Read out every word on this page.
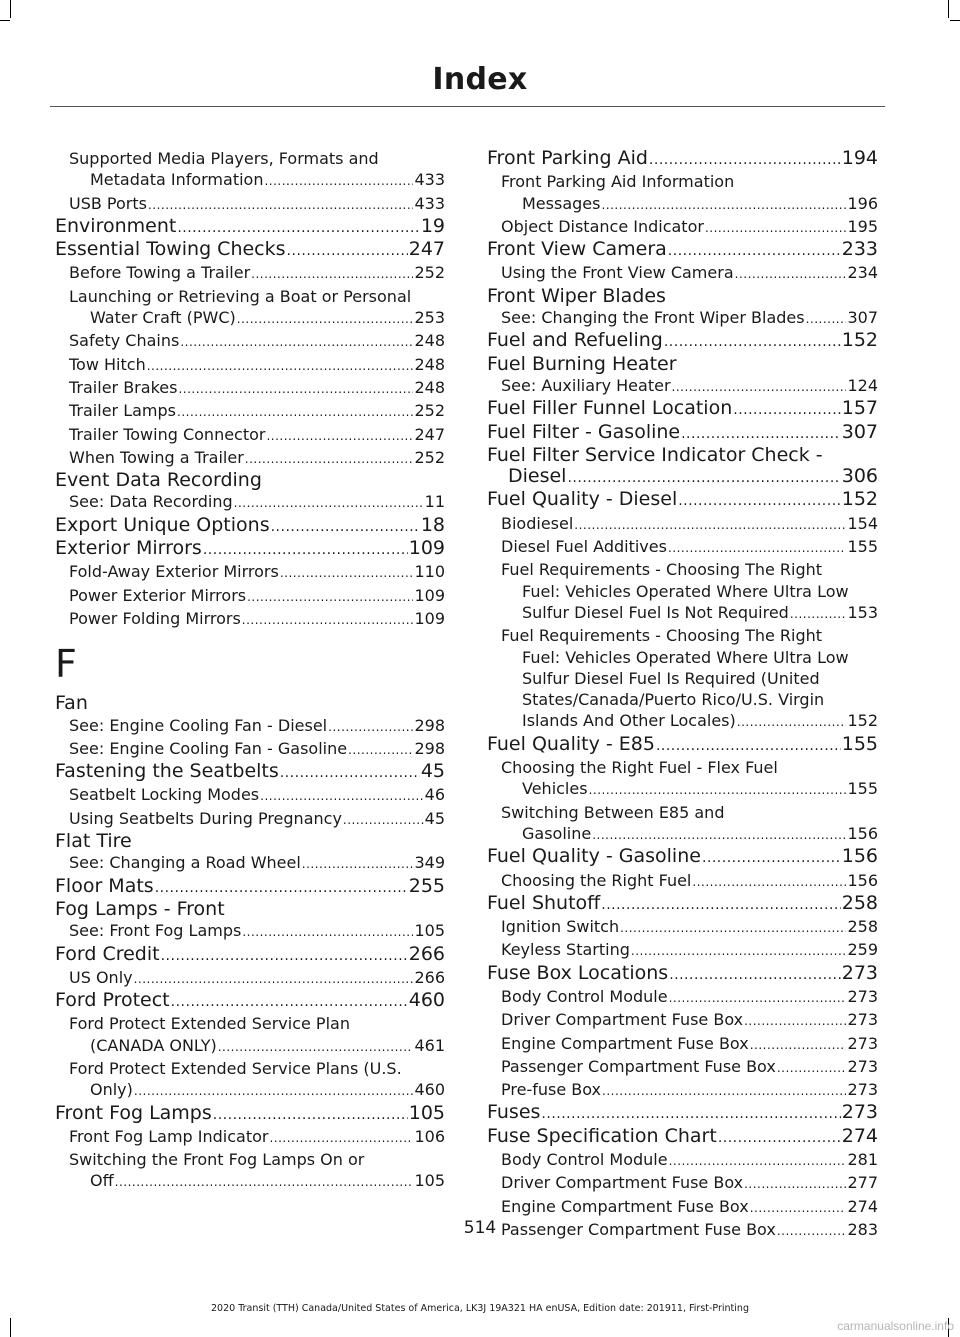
Index
Supported Media Players, Formats and
Metadata Information .....	433
USB Ports .....	433
Environment .....	19
Essential Towing Checks .....	247
Before Towing a Trailer .....	252
Launching or Retrieving a Boat or Personal
Water Craft (PWC) .....	253
Safety Chains .....	248
Tow Hitch .....	248
Trailer Brakes .....	248
Trailer Lamps .....	252
Trailer Towing Connector .....	247
When Towing a Trailer .....	252
Event Data Recording
See: Data Recording .....	11
Export Unique Options .....	18
Exterior Mirrors .....	109
Fold-Away Exterior Mirrors .....	110
Power Exterior Mirrors .....	109
Power Folding Mirrors .....	109
F
Fan
See: Engine Cooling Fan - Diesel .....	298
See: Engine Cooling Fan - Gasoline .....	298
Fastening the Seatbelts .....	45
Seatbelt Locking Modes .....	46
Using Seatbelts During Pregnancy .....	45
Flat Tire
See: Changing a Road Wheel .....	349
Floor Mats .....	255
Fog Lamps - Front
See: Front Fog Lamps .....	105
Ford Credit .....	266
US Only .....	266
Ford Protect .....	460
Ford Protect Extended Service Plan
(CANADA ONLY) .....	461
Ford Protect Extended Service Plans (U.S.
Only) .....	460
Front Fog Lamps .....	105
Front Fog Lamp Indicator .....	106
Switching the Front Fog Lamps On or
Off .....	105
Front Parking Aid .....	194
Front Parking Aid Information
Messages .....	196
Object Distance Indicator .....	195
Front View Camera .....	233
Using the Front View Camera .....	234
Front Wiper Blades
See: Changing the Front Wiper Blades .....	307
Fuel and Refueling .....	152
Fuel Burning Heater
See: Auxiliary Heater .....	124
Fuel Filler Funnel Location .....	157
Fuel Filter - Gasoline .....	307
Fuel Filter Service Indicator Check -
Diesel .....	306
Fuel Quality - Diesel .....	152
Biodiesel .....	154
Diesel Fuel Additives .....	155
Fuel Requirements - Choosing The Right
Fuel: Vehicles Operated Where Ultra Low
Sulfur Diesel Fuel Is Not Required .....	153
Fuel Requirements - Choosing The Right
Fuel: Vehicles Operated Where Ultra Low
Sulfur Diesel Fuel Is Required (United
States/Canada/Puerto Rico/U.S. Virgin
Islands And Other Locales) .....	152
Fuel Quality - E85 .....	155
Choosing the Right Fuel - Flex Fuel
Vehicles .....	155
Switching Between E85 and
Gasoline .....	156
Fuel Quality - Gasoline .....	156
Choosing the Right Fuel .....	156
Fuel Shutoff .....	258
Ignition Switch .....	258
Keyless Starting .....	259
Fuse Box Locations .....	273
Body Control Module .....	273
Driver Compartment Fuse Box .....	273
Engine Compartment Fuse Box .....	273
Passenger Compartment Fuse Box .....	273
Pre-fuse Box .....	273
Fuses .....	273
Fuse Specification Chart .....	274
Body Control Module .....	281
Driver Compartment Fuse Box .....	277
Engine Compartment Fuse Box .....	274
Passenger Compartment Fuse Box .....	283
514
2020 Transit (TTH) Canada/United States of America, LK3J 19A321 HA enUSA, Edition date: 201911, First-Printing
carmanualsonline.info
